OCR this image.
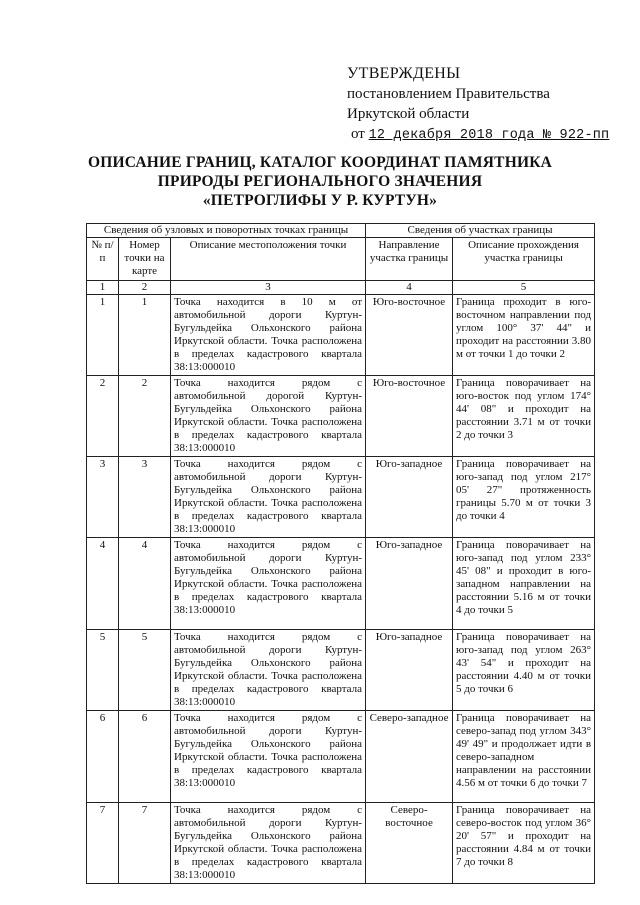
УТВЕРЖДЕНЫ
постановлением Правительства
Иркутской области
от 12 декабря 2018 года № 922-пп
ОПИСАНИЕ ГРАНИЦ, КАТАЛОГ КООРДИНАТ ПАМЯТНИКА
ПРИРОДЫ РЕГИОНАЛЬНОГО ЗНАЧЕНИЯ
«ПЕТРОГЛИФЫ У Р. КУРТУН»
Сведения об узловых и поворотных точках границы			Сведения об участках границы	
№ п/п	Номер точки на карте	Описание местоположения точки	Направление участка границы	Описание прохождения участка границы
1	2	3	4	5
1	1	Точка находится в 10 м от автомобильной дороги Куртун-Бугульдейка Ольхонского района Иркутской области. Точка расположена в пределах кадастрового квартала 38:13:000010	Юго-восточное	Граница проходит в юго-восточном направлении под углом 100° 37' 44" и проходит на расстоянии 3.80 м от точки 1 до точки 2
2	2	Точка находится рядом с автомобильной дорогой Куртун-Бугульдейка Ольхонского района Иркутской области. Точка расположена в пределах кадастрового квартала 38:13:000010	Юго-восточное	Граница поворачивает на юго-восток под углом 174° 44' 08" и проходит на расстоянии 3.71 м от точки 2 до точки 3
3	3	Точка находится рядом с автомобильной дороги Куртун-Бугульдейка Ольхонского района Иркутской области. Точка расположена в пределах кадастрового квартала 38:13:000010	Юго-западное	Граница поворачивает на юго-запад под углом 217° 05' 27" протяженность границы 5.70 м от точки 3 до точки 4
4	4	Точка находится рядом с автомобильной дороги Куртун-Бугульдейка Ольхонского района Иркутской области. Точка расположена в пределах кадастрового квартала 38:13:000010	Юго-западное	Граница поворачивает на юго-запад под углом 233° 45' 08" и проходит в юго-западном направлении на расстоянии 5.16 м от точки 4 до точки 5
5	5	Точка находится рядом с автомобильной дороги Куртун-Бугульдейка Ольхонского района Иркутской области. Точка расположена в пределах кадастрового квартала 38:13:000010	Юго-западное	Граница поворачивает на юго-запад под углом 263° 43' 54" и проходит на расстоянии 4.40 м от точки 5 до точки 6
6	6	Точка находится рядом с автомобильной дороги Куртун-Бугульдейка Ольхонского района Иркутской области. Точка расположена в пределах кадастрового квартала 38:13:000010	Северо-западное	Граница поворачивает на северо-запад под углом 343° 49' 49" и продолжает идти в северо-западном направлении на расстоянии 4.56 м от точки 6 до точки 7
7	7	Точка находится рядом с автомобильной дороги Куртун-Бугульдейка Ольхонского района Иркутской области. Точка расположена в пределах кадастрового квартала 38:13:000010	Северо-восточное	Граница поворачивает на северо-восток под углом 36° 20' 57" и проходит на расстоянии 4.84 м от точки 7 до точки 8
